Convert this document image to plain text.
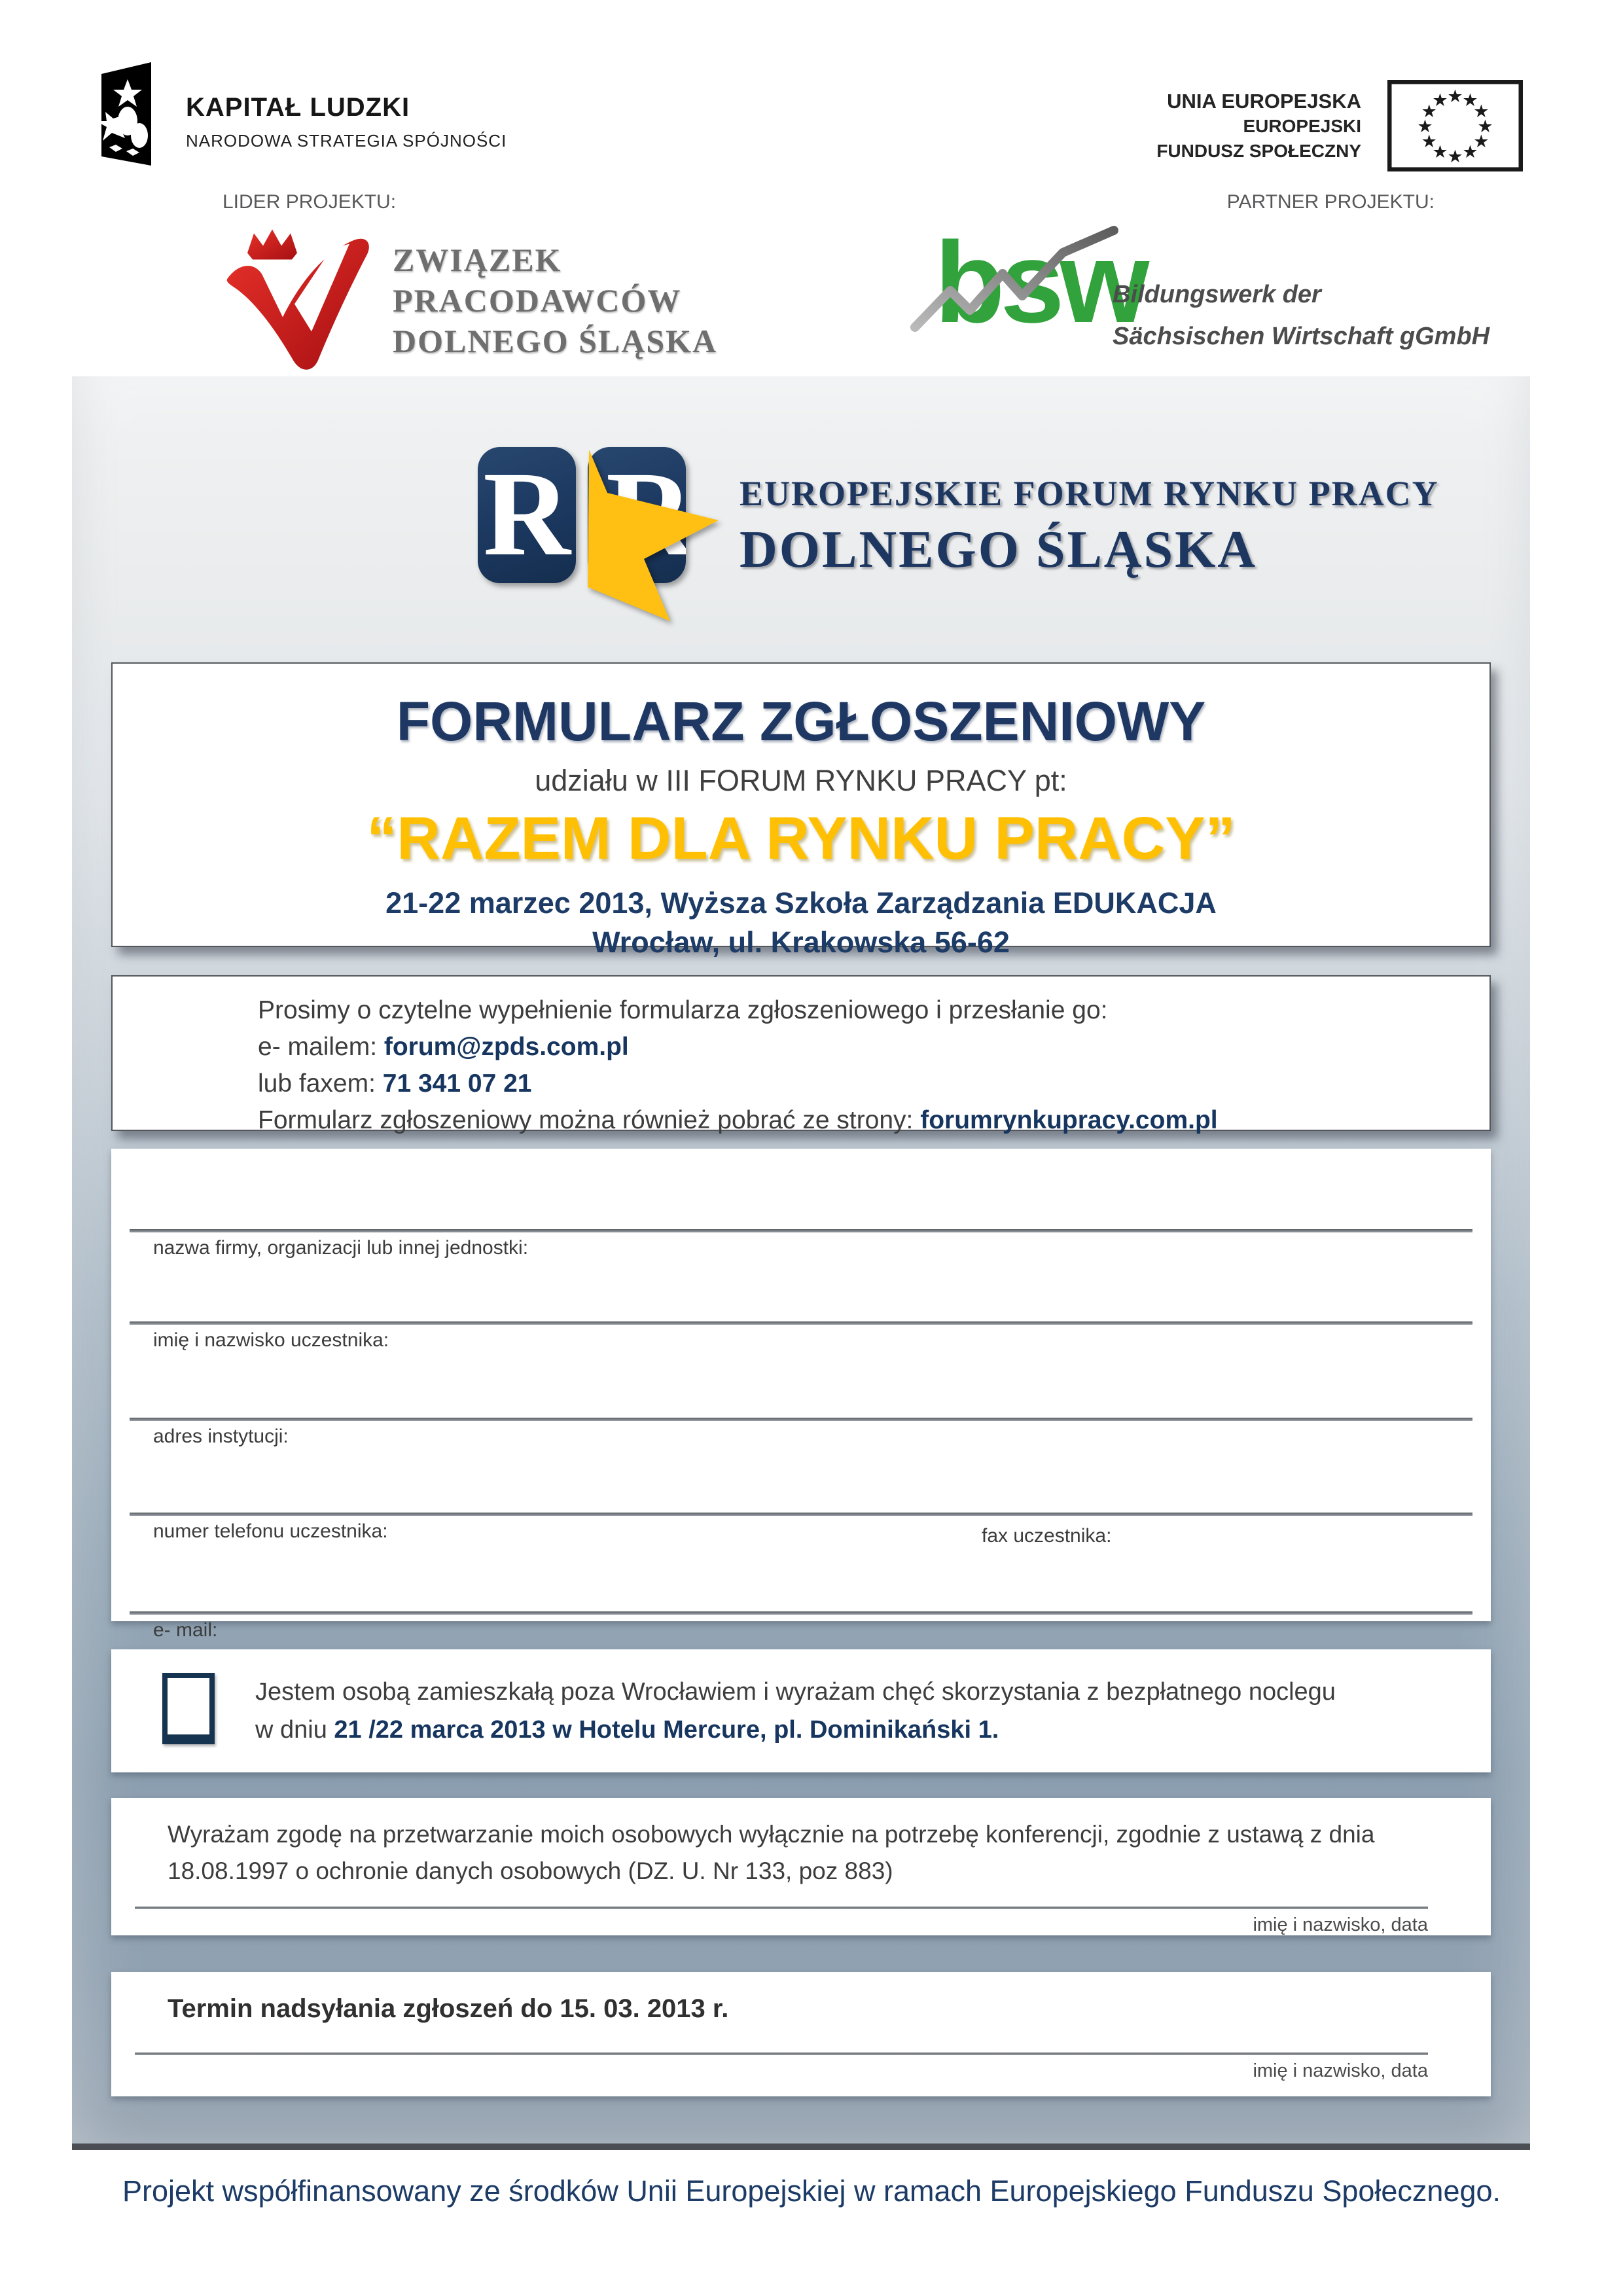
KAPITAŁ LUDZKI
NARODOWA STRATEGIA SPÓJNOŚCI
LIDER PROJEKTU:	PARTNER PROJEKTU:
UNIA EUROPEJSKA
EUROPEJSKI
FUNDUSZ SPOŁECZNY
★
★
★
★
★
★
★
★
★
★
★
★
ZWIĄZEK
PRACODAWCÓW
DOLNEGO ŚLĄSKA bsw
Bildungswerk der
Sächsischen Wirtschaft gGmbH
R	EUROPEJSKIE FORUM RYNKU PRACY
DOLNEGO ŚLĄSKA
FORMULARZ ZGŁOSZENIOWY
udziału w III FORUM RYNKU PRACY pt:
“RAZEM DLA RYNKU PRACY”
21-22 marzec 2013, Wyższa Szkoła Zarządzania EDUKACJA
Wrocław, ul. Krakowska 56-62
Prosimy o czytelne wypełnienie formularza zgłoszeniowego i przesłanie go:
e- mailem: forum@zpds.com.pl
lub faxem: 71 341 07 21
Formularz zgłoszeniowy można również pobrać ze strony: forumrynkupracy.com.pl
nazwa firmy, organizacji lub innej jednostki:
imię i nazwisko uczestnika:
adres instytucji:
numer telefonu uczestnika:	fax uczestnika:
e- mail:
Jestem osobą zamieszkałą poza Wrocławiem i wyrażam chęć skorzystania z bezpłatnego noclegu
w dniu 21 /22 marca 2013 w Hotelu Mercure, pl. Dominikański 1.
Wyrażam zgodę na przetwarzanie moich osobowych wyłącznie na potrzebę konferencji, zgodnie z ustawą z dnia 18.08.1997 o ochronie danych osobowych (DZ. U. Nr 133, poz 883)
imię i nazwisko, data
Termin nadsyłania zgłoszeń do 15. 03. 2013 r.
imię i nazwisko, data
Projekt współfinansowany ze środków Unii Europejskiej w ramach Europejskiego Funduszu Społecznego.
